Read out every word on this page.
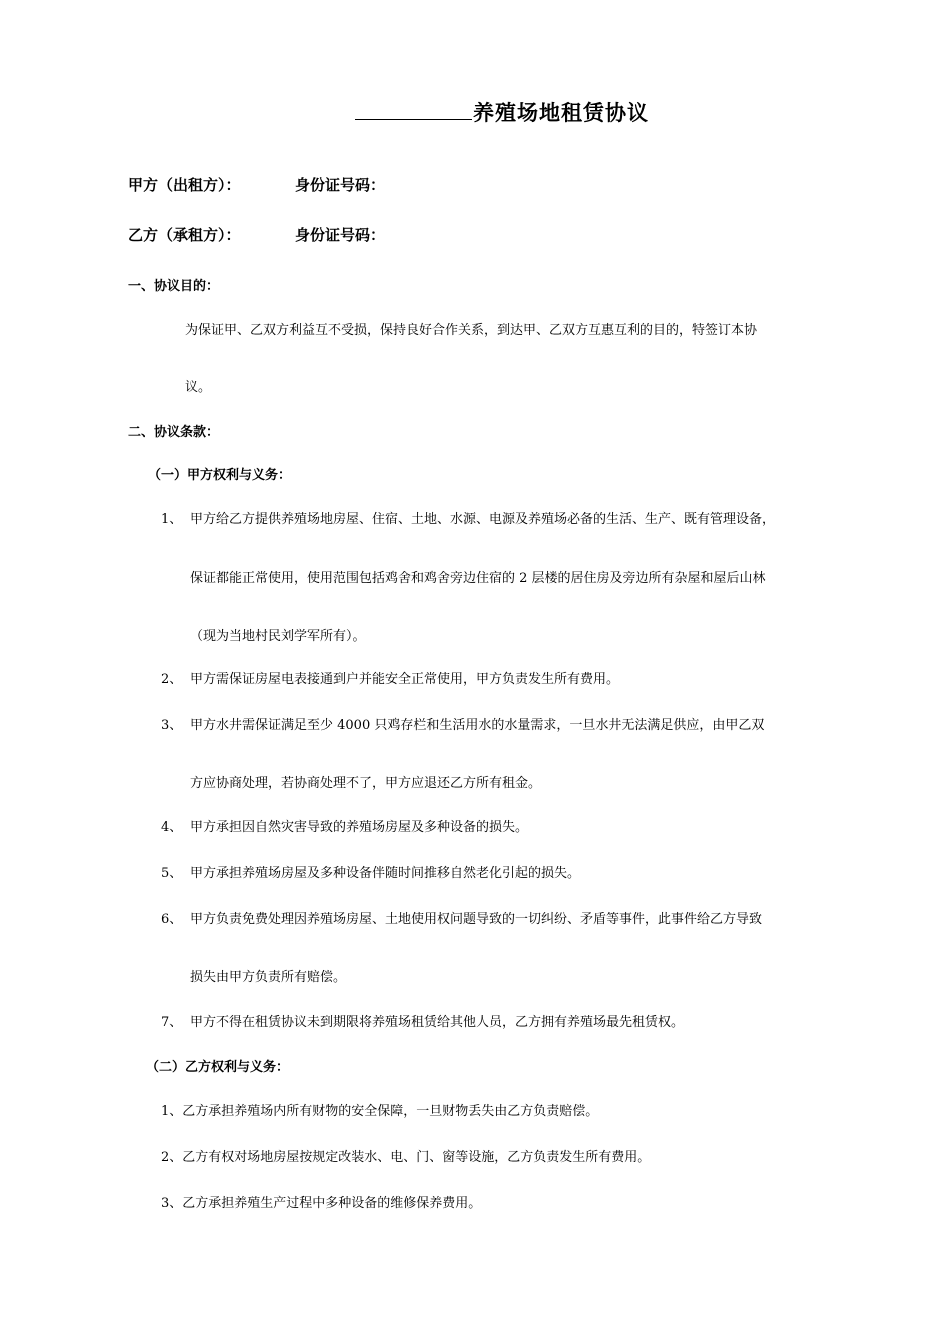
养殖场地租赁协议
甲方（出租方）：	身份证号码：
乙方（承租方）：	身份证号码：
一、协议目的：
为保证甲、乙双方利益互不受损，保持良好合作关系，到达甲、乙双方互惠互利的目的，特签订本协
议。
二、协议条款：
（一）甲方权利与义务：
1、 甲方给乙方提供养殖场地房屋、住宿、土地、水源、电源及养殖场必备的生活、生产、既有管理设备，
保证都能正常使用，使用范围包括鸡舍和鸡舍旁边住宿的 2 层楼的居住房及旁边所有杂屋和屋后山林
（现为当地村民刘学军所有）。
2、 甲方需保证房屋电表接通到户并能安全正常使用，甲方负责发生所有费用。
3、 甲方水井需保证满足至少 4000 只鸡存栏和生活用水的水量需求，一旦水井无法满足供应，由甲乙双
方应协商处理，若协商处理不了，甲方应退还乙方所有租金。
4、 甲方承担因自然灾害导致的养殖场房屋及多种设备的损失。
5、 甲方承担养殖场房屋及多种设备伴随时间推移自然老化引起的损失。
6、 甲方负责免费处理因养殖场房屋、土地使用权问题导致的一切纠纷、矛盾等事件，此事件给乙方导致
损失由甲方负责所有赔偿。
7、 甲方不得在租赁协议未到期限将养殖场租赁给其他人员，乙方拥有养殖场最先租赁权。
（二）乙方权利与义务：
1、乙方承担养殖场内所有财物的安全保障，一旦财物丢失由乙方负责赔偿。
2、乙方有权对场地房屋按规定改装水、电、门、窗等设施，乙方负责发生所有费用。
3、乙方承担养殖生产过程中多种设备的维修保养费用。
